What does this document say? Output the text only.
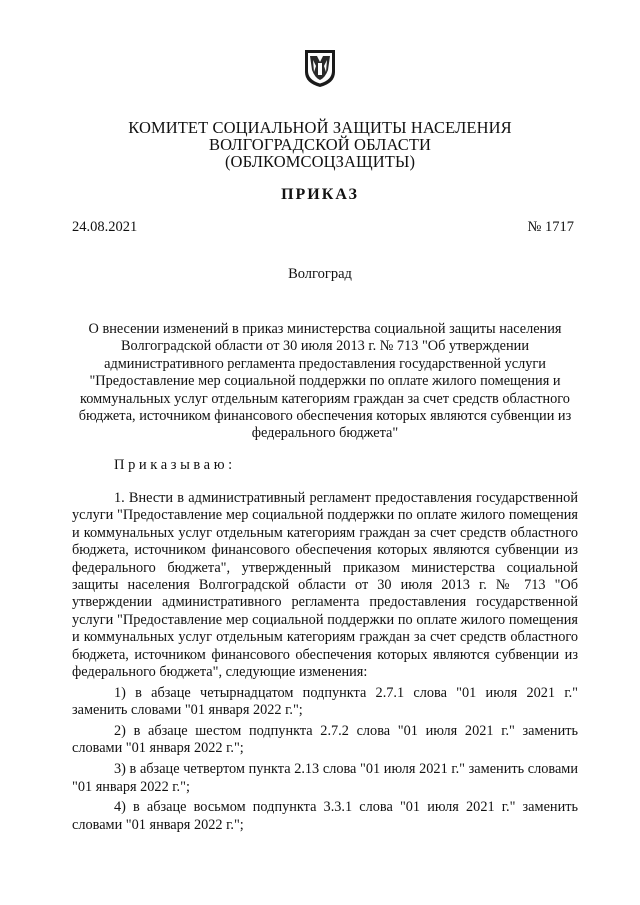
КОМИТЕТ СОЦИАЛЬНОЙ ЗАЩИТЫ НАСЕЛЕНИЯ
ВОЛГОГРАДСКОЙ ОБЛАСТИ
(ОБЛКОМСОЦЗАЩИТЫ)
ПРИКАЗ
24.08.2021	№ 1717
Волгоград
О внесении изменений в приказ министерства социальной защиты населения Волгоградской области от 30 июля 2013 г. № 713 "Об утверждении административного регламента предоставления государственной услуги "Предоставление мер социальной поддержки по оплате жилого помещения и коммунальных услуг отдельным категориям граждан за счет средств областного бюджета, источником финансового обеспечения которых являются субвенции из федерального бюджета"
Приказываю:

1. Внести в административный регламент предоставления государственной услуги "Предоставление мер социальной поддержки по оплате жилого помещения и коммунальных услуг отдельным категориям граждан за счет средств областного бюджета, источником финансового обеспечения которых являются субвенции из федерального бюджета", утвержденный приказом министерства социальной защиты населения Волгоградской области от 30 июля 2013 г. № 713 "Об утверждении административного регламента предоставления государственной услуги "Предоставление мер социальной поддержки по оплате жилого помещения и коммунальных услуг отдельным категориям граждан за счет средств областного бюджета, источником финансового обеспечения которых являются субвенции из федерального бюджета", следующие изменения:

1) в абзаце четырнадцатом подпункта 2.7.1 слова "01 июля 2021 г." заменить словами "01 января 2022 г.";

2) в абзаце шестом подпункта 2.7.2 слова "01 июля 2021 г." заменить словами "01 января 2022 г.";

3) в абзаце четвертом пункта 2.13 слова "01 июля 2021 г." заменить словами "01 января 2022 г.";

4) в абзаце восьмом подпункта 3.3.1 слова "01 июля 2021 г." заменить словами "01 января 2022 г.";
